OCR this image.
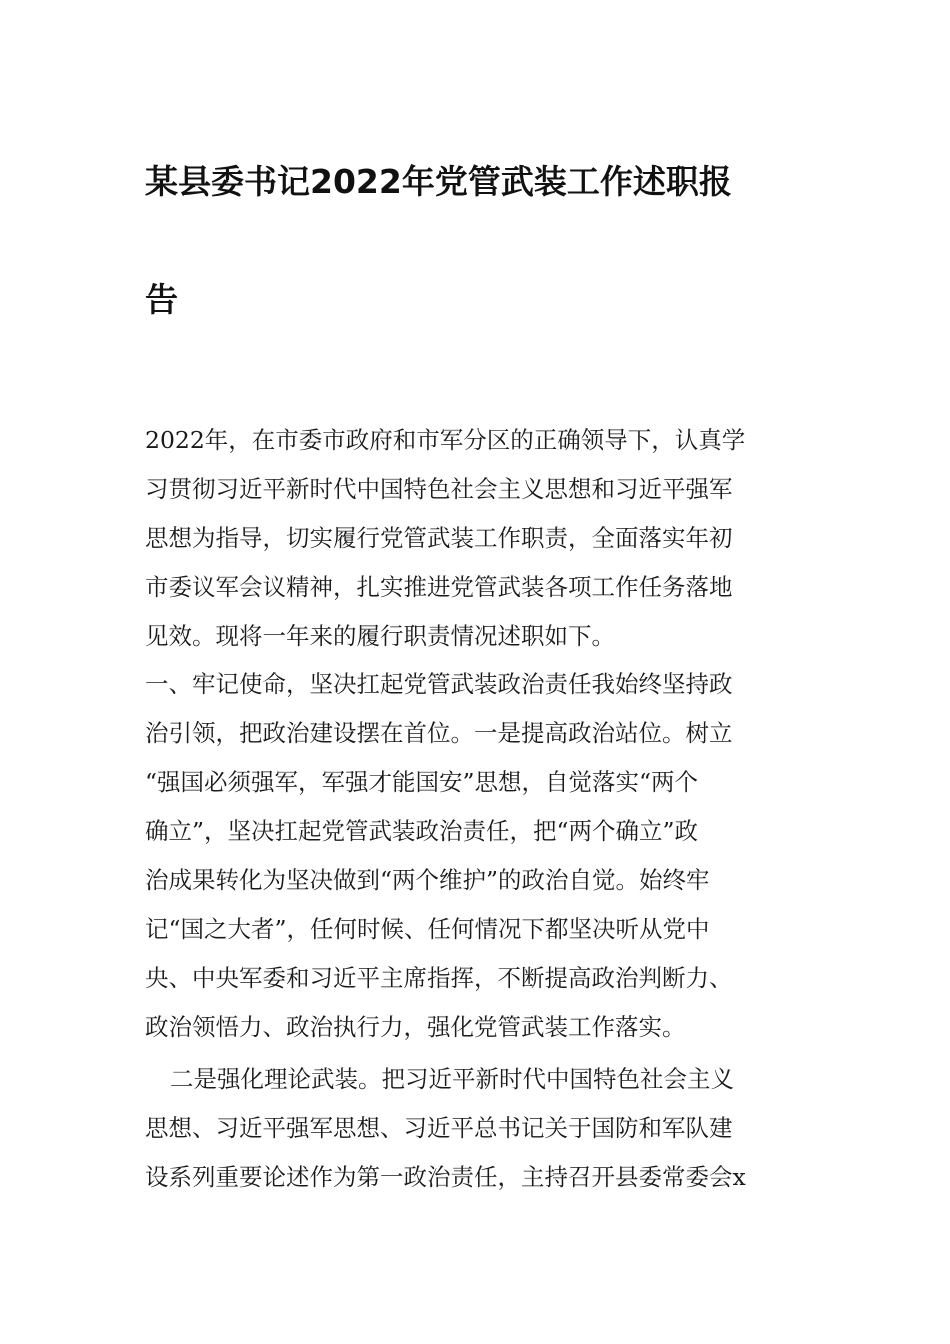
某县委书记2022年党管武装工作述职报
告

2022年，在市委市政府和市军分区的正确领导下，认真学

习贯彻习近平新时代中国特色社会主义思想和习近平强军

思想为指导，切实履行党管武装工作职责，全面落实年初

市委议军会议精神，扎实推进党管武装各项工作任务落地

见效。现将一年来的履行职责情况述职如下。

一、牢记使命，坚决扛起党管武装政治责任我始终坚持政

治引领，把政治建设摆在首位。一是提高政治站位。树立

“强国必须强军，军强才能国安”思想，自觉落实“两个

确立”，坚决扛起党管武装政治责任，把“两个确立”政

治成果转化为坚决做到“两个维护”的政治自觉。始终牢

记“国之大者”，任何时候、任何情况下都坚决听从党中

央、中央军委和习近平主席指挥，不断提高政治判断力、

政治领悟力、政治执行力，强化党管武装工作落实。

二是强化理论武装。把习近平新时代中国特色社会主义

思想、习近平强军思想、习近平总书记关于国防和军队建

设系列重要论述作为第一政治责任，主持召开县委常委会x
